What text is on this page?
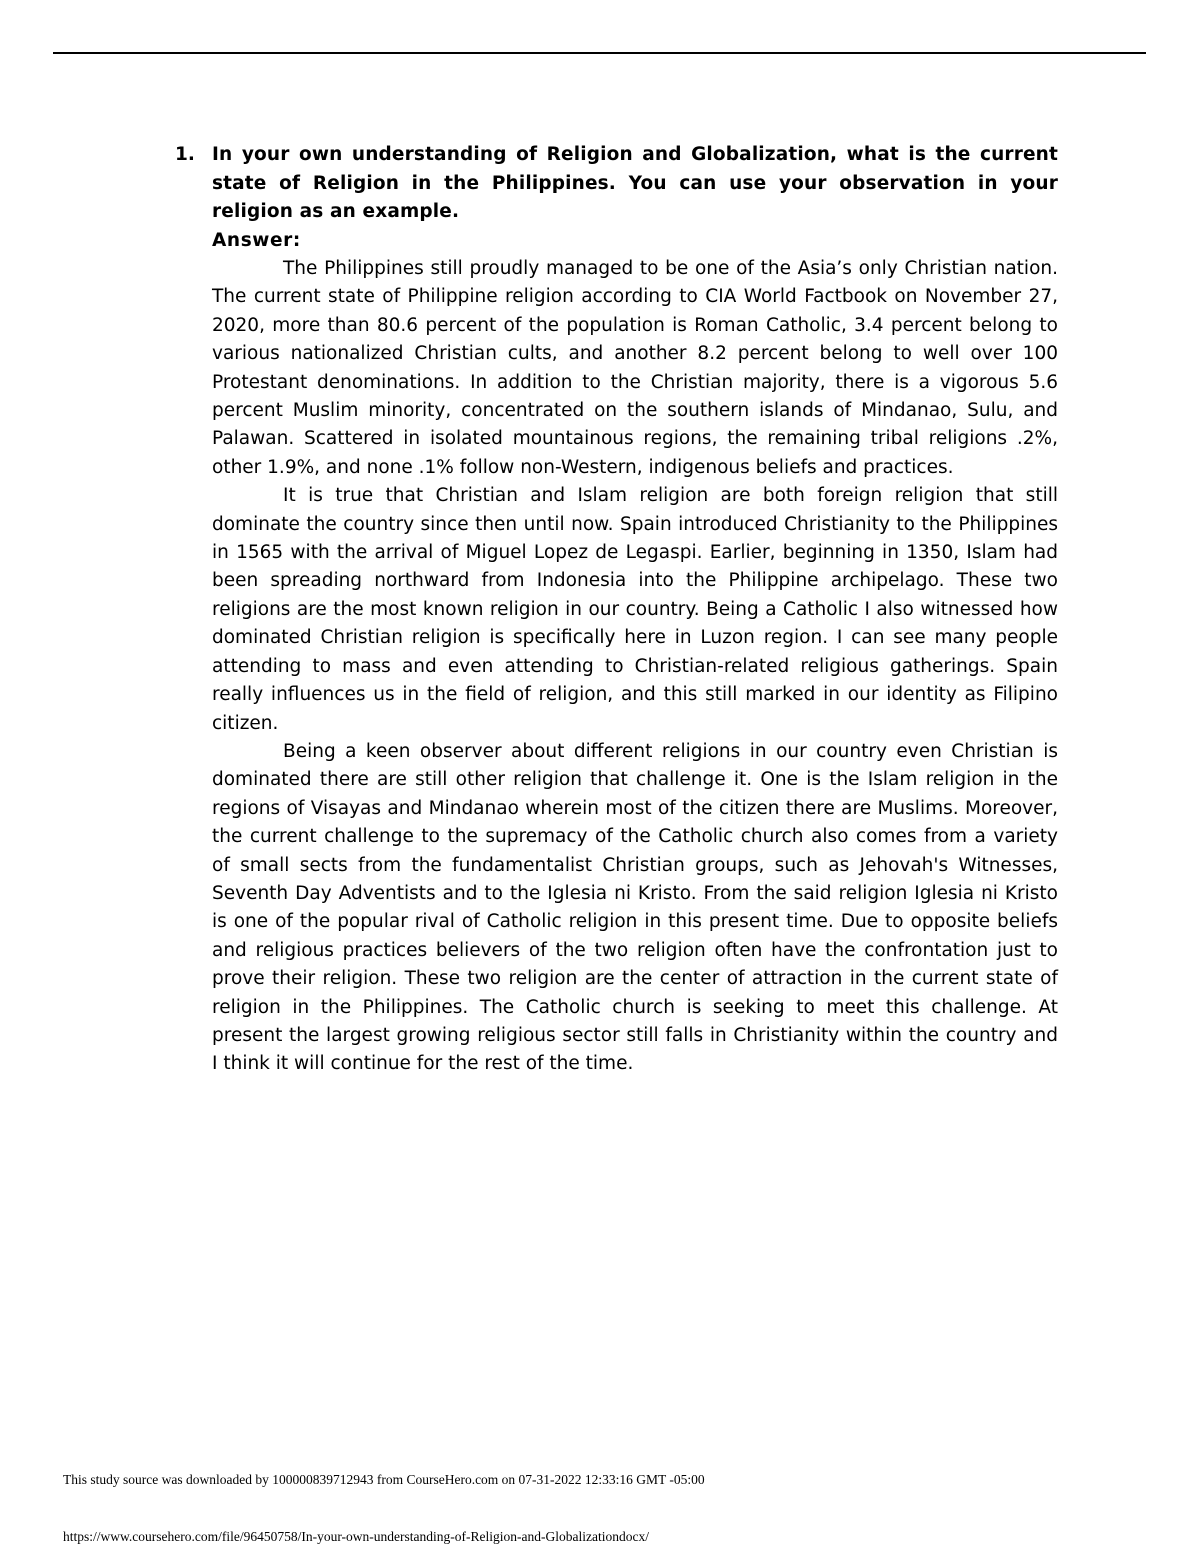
1. In your own understanding of Religion and Globalization, what is the current state of Religion in the Philippines. You can use your observation in your religion as an example.
Answer:

The Philippines still proudly managed to be one of the Asia’s only Christian nation. The current state of Philippine religion according to CIA World Factbook on November 27, 2020, more than 80.6 percent of the population is Roman Catholic, 3.4 percent belong to various nationalized Christian cults, and another 8.2 percent belong to well over 100 Protestant denominations. In addition to the Christian majority, there is a vigorous 5.6 percent Muslim minority, concentrated on the southern islands of Mindanao, Sulu, and Palawan. Scattered in isolated mountainous regions, the remaining tribal religions .2%, other 1.9%, and none .1% follow non-Western, indigenous beliefs and practices.

It is true that Christian and Islam religion are both foreign religion that still dominate the country since then until now. Spain introduced Christianity to the Philippines in 1565 with the arrival of Miguel Lopez de Legaspi. Earlier, beginning in 1350, Islam had been spreading northward from Indonesia into the Philippine archipelago. These two religions are the most known religion in our country. Being a Catholic I also witnessed how dominated Christian religion is specifically here in Luzon region. I can see many people attending to mass and even attending to Christian-related religious gatherings. Spain really influences us in the field of religion, and this still marked in our identity as Filipino citizen.

Being a keen observer about different religions in our country even Christian is dominated there are still other religion that challenge it. One is the Islam religion in the regions of Visayas and Mindanao wherein most of the citizen there are Muslims. Moreover, the current challenge to the supremacy of the Catholic church also comes from a variety of small sects from the fundamentalist Christian groups, such as Jehovah's Witnesses, Seventh Day Adventists and to the Iglesia ni Kristo. From the said religion Iglesia ni Kristo is one of the popular rival of Catholic religion in this present time. Due to opposite beliefs and religious practices believers of the two religion often have the confrontation just to prove their religion. These two religion are the center of attraction in the current state of religion in the Philippines. The Catholic church is seeking to meet this challenge. At present the largest growing religious sector still falls in Christianity within the country and I think it will continue for the rest of the time.

This study source was downloaded by 100000839712943 from CourseHero.com on 07-31-2022 12:33:16 GMT -05:00
https://www.coursehero.com/file/96450758/In-your-own-understanding-of-Religion-and-Globalizationdocx/
